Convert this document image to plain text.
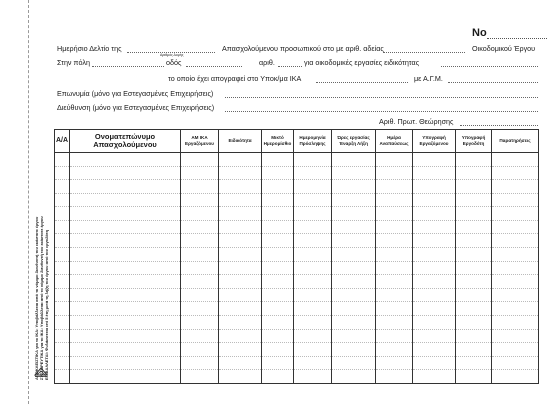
No
Ημερήσιο Δελτίο της	Απασχολούμενου προσωπικού στο με αριθ. αδείας	Οικοδομικού Έργου
Στην πόλη	οδός
Αριθμός Δομής
αριθ.	για οικοδομικές εργασίες ειδικότητας
το οποίο έχει απογραφεί στο Υποκ/μα ΙΚΑ	με Α.Γ.Μ.
Επωνυμία (μόνο για Εστεγασμένες Επιχειρήσεις)
Διεύθυνση (μόνο για Εστεγασμένες Επιχειρήσεις)
Αριθ. Πρωτ. Θεώρησης
ΑΠΟΚΛΕΙΣΤΙΚΑ για το ΙΚΑ: Υποβάλλεται από το νόμιμο διευθυντή του εκάστοτε έργου ΣΥΣΣΩΡΕΥΤΙΚΑ για το ΙΚΑ: Υποβάλλεται από το νόμιμο διευθυντή του εκάστοτε έργου ΕΠΙΒΑΛΛΕΤΑΙ: Φυλάσσεται επί 5 έτη μετά τη λήξη του έργου από τον εργοδότη
Α/Α	Ονοματεπώνυμο Απασχολούμενου	ΑΜ ΙΚΑ Εργαζόμενου	Ειδικότητα	Μικτό Ημερομίσθιο	Ημερομηνία Πρόσληψης	Ώρες εργασίας Έναρξη Λήξη	Ημέρα Αναπαύσεως	Υπογραφή Εργαζόμενου	Υπογραφή Εργοδότη	Παρατηρήσεις
